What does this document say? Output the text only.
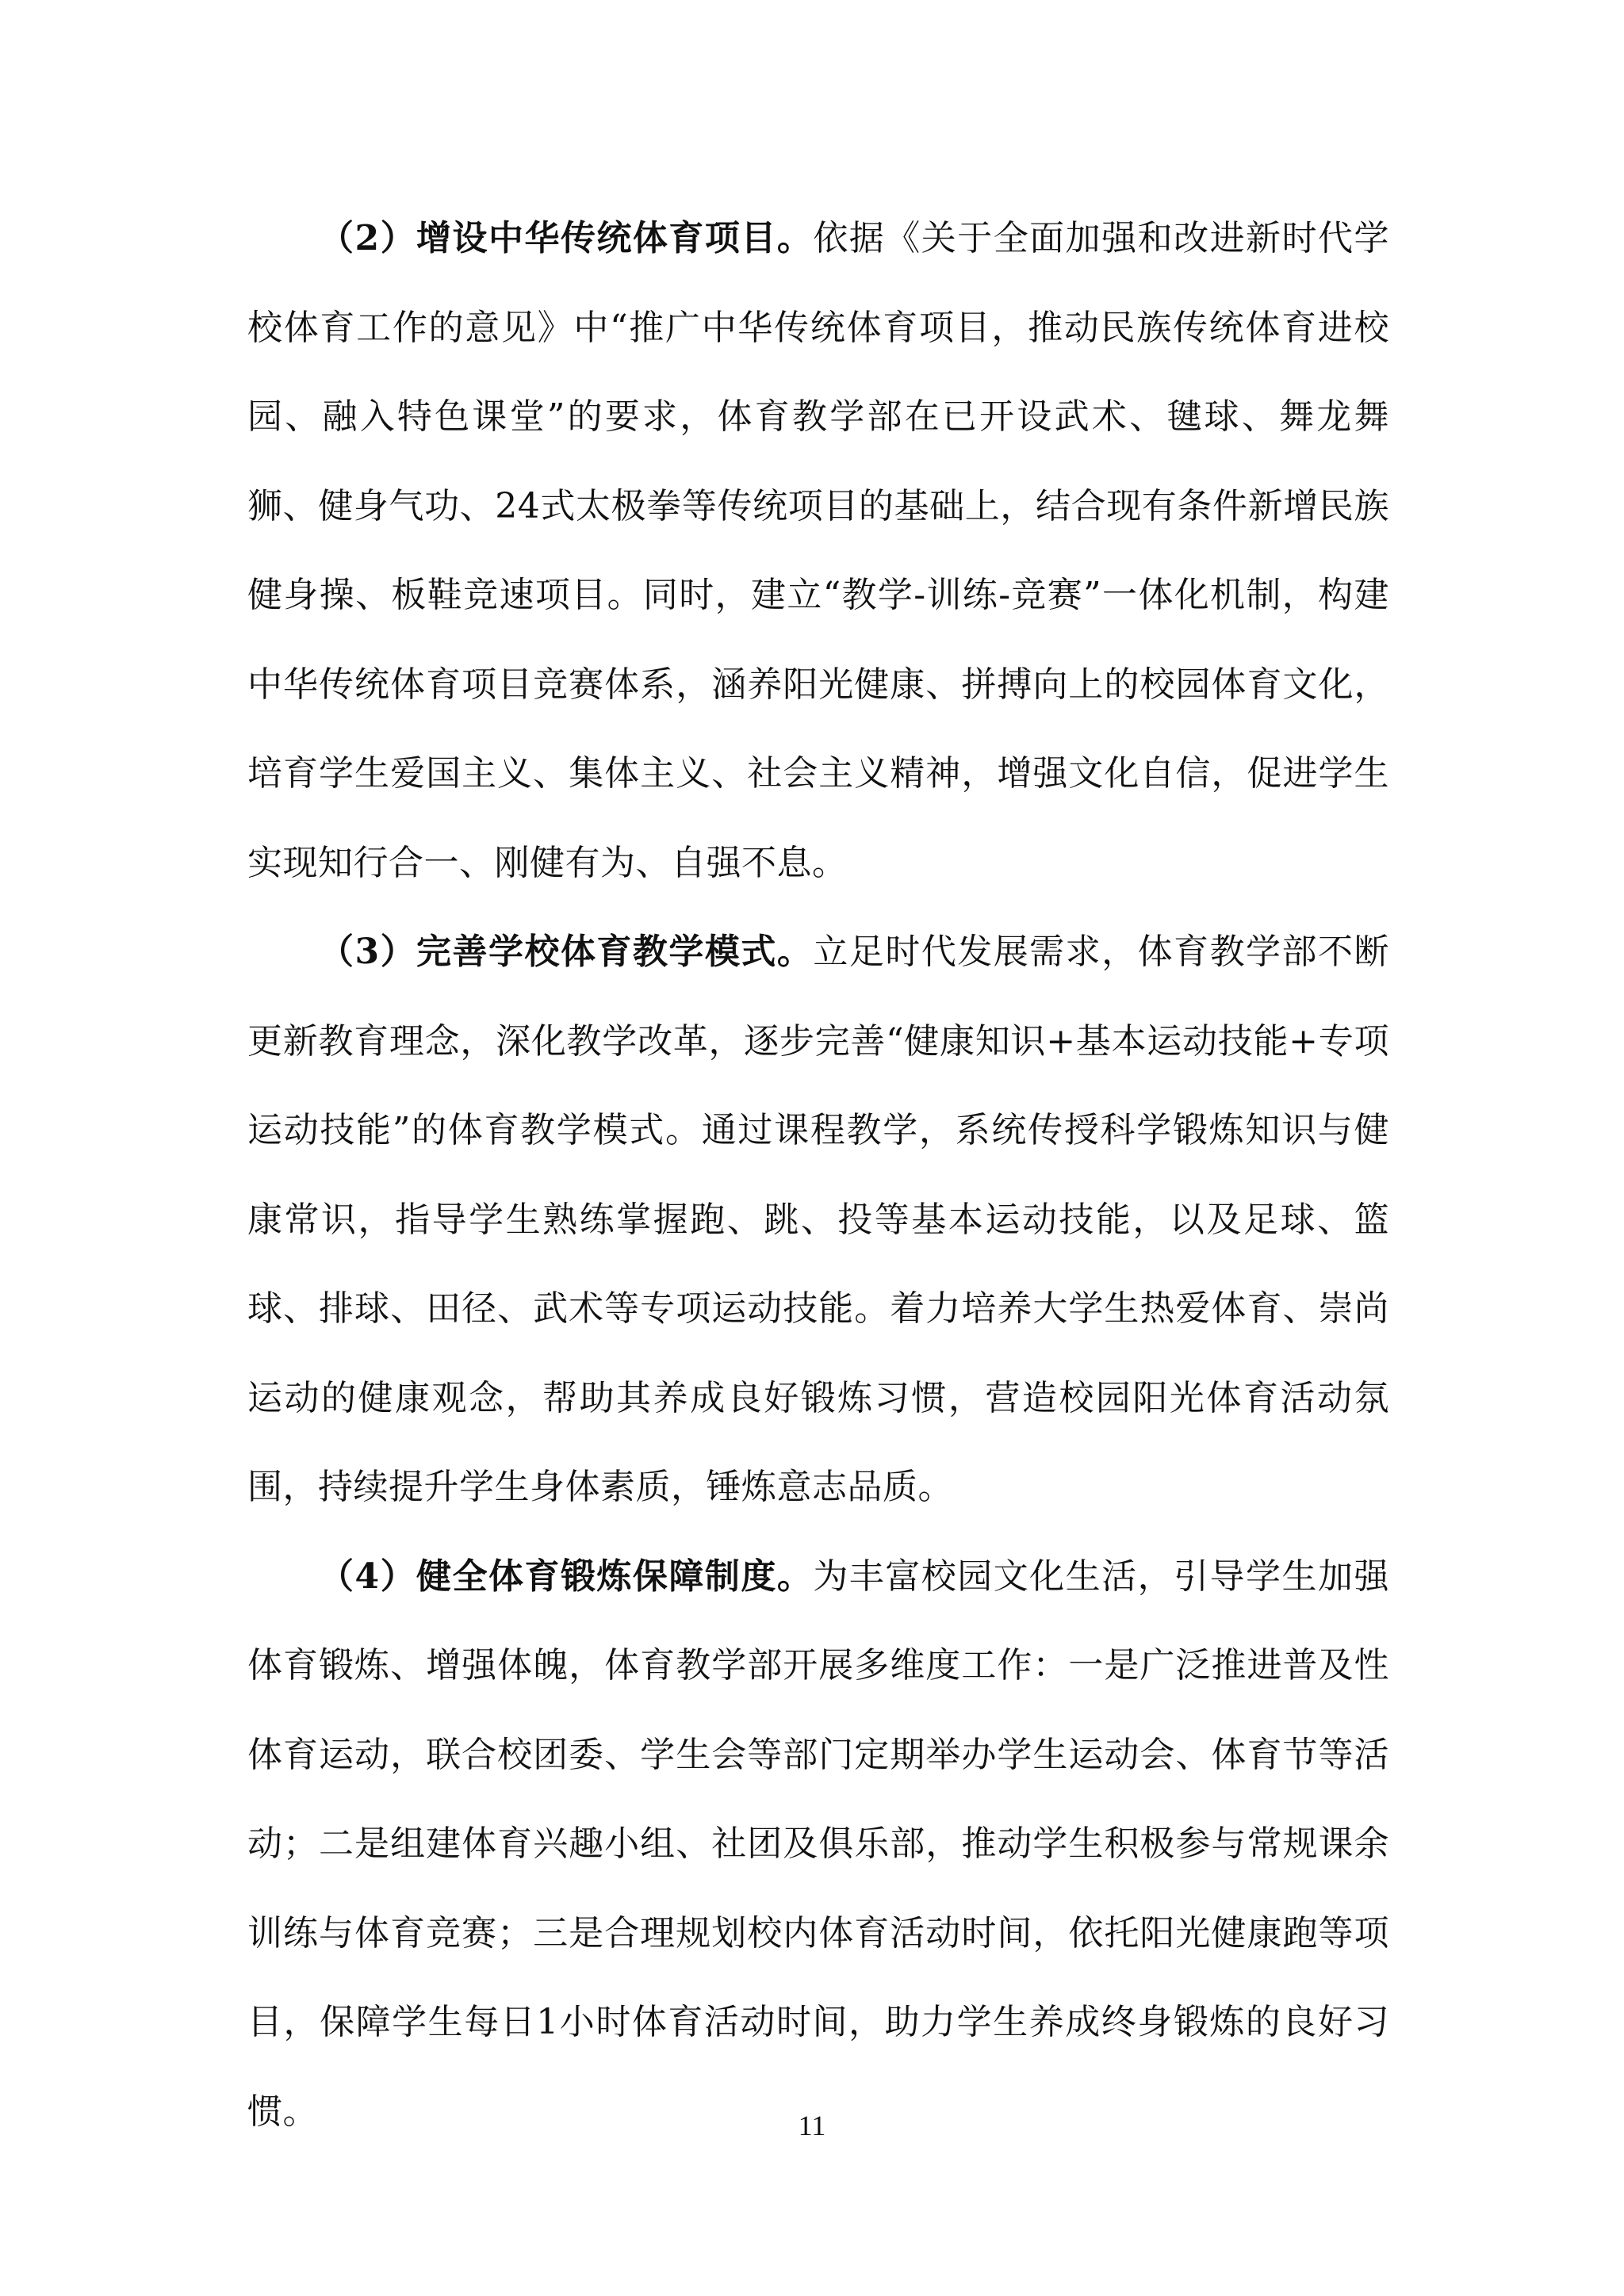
（2）增设中华传统体育项目。依据《关于全面加强和改进新时代学校体育工作的意见》中“推广中华传统体育项目，推动民族传统体育进校园、融入特色课堂”的要求，体育教学部在已开设武术、毽球、舞龙舞狮、健身气功、24式太极拳等传统项目的基础上，结合现有条件新增民族健身操、板鞋竞速项目。同时，建立“教学-训练-竞赛”一体化机制，构建中华传统体育项目竞赛体系，涵养阳光健康、拼搏向上的校园体育文化，培育学生爱国主义、集体主义、社会主义精神，增强文化自信，促进学生实现知行合一、刚健有为、自强不息。

（3）完善学校体育教学模式。立足时代发展需求，体育教学部不断更新教育理念，深化教学改革，逐步完善“健康知识+基本运动技能+专项运动技能”的体育教学模式。通过课程教学，系统传授科学锻炼知识与健康常识，指导学生熟练掌握跑、跳、投等基本运动技能，以及足球、篮球、排球、田径、武术等专项运动技能。着力培养大学生热爱体育、崇尚运动的健康观念，帮助其养成良好锻炼习惯，营造校园阳光体育活动氛围，持续提升学生身体素质，锤炼意志品质。

（4）健全体育锻炼保障制度。为丰富校园文化生活，引导学生加强体育锻炼、增强体魄，体育教学部开展多维度工作：一是广泛推进普及性体育运动，联合校团委、学生会等部门定期举办学生运动会、体育节等活动；二是组建体育兴趣小组、社团及俱乐部，推动学生积极参与常规课余训练与体育竞赛；三是合理规划校内体育活动时间，依托阳光健康跑等项目，保障学生每日1小时体育活动时间，助力学生养成终身锻炼的良好习惯。	11
